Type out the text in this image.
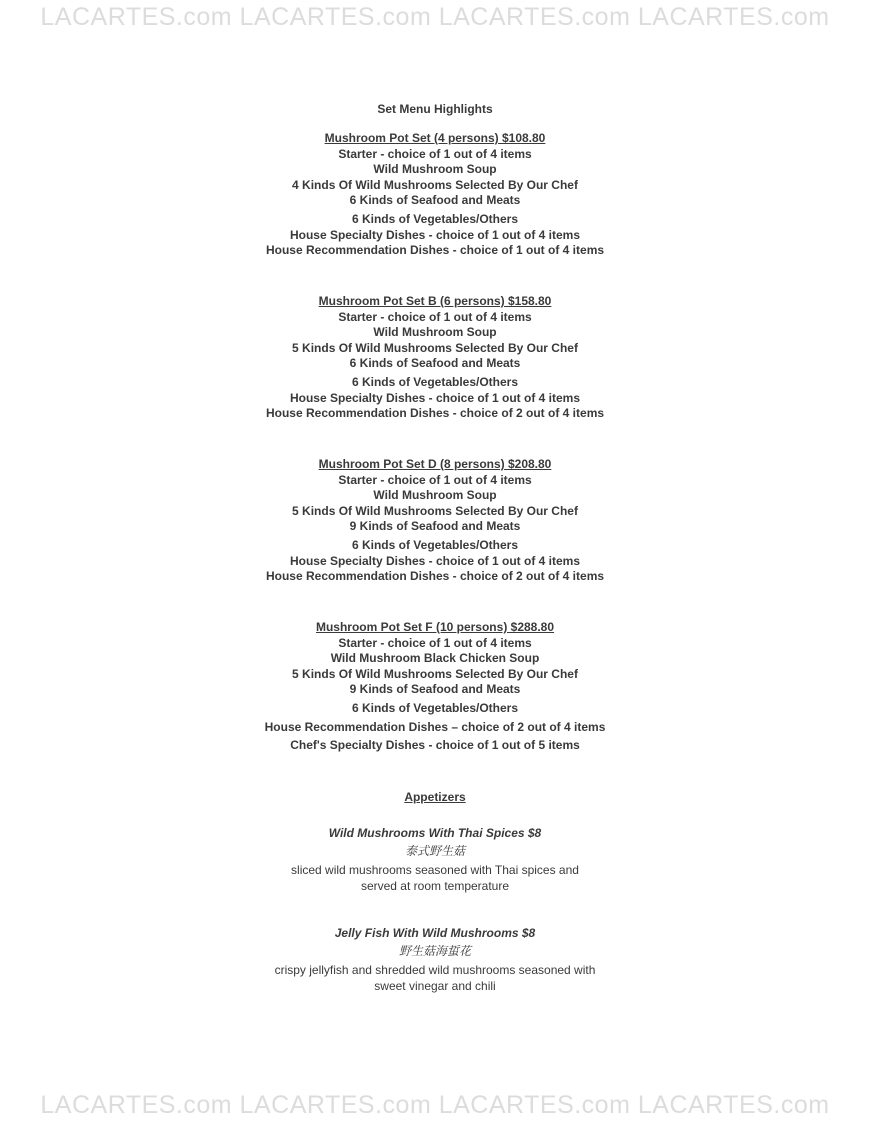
LACARTES.com LACARTES.com LACARTES.com LACARTES.com
Set Menu Highlights
Mushroom Pot Set (4 persons) $108.80
Starter - choice of 1 out of 4 items
Wild Mushroom Soup
4 Kinds Of Wild Mushrooms Selected By Our Chef
6 Kinds of Seafood and Meats
6 Kinds of Vegetables/Others
House Specialty Dishes - choice of 1 out of 4 items
House Recommendation Dishes - choice of 1 out of 4 items
Mushroom Pot Set B (6 persons) $158.80
Starter - choice of 1 out of 4 items
Wild Mushroom Soup
5 Kinds Of Wild Mushrooms Selected By Our Chef
6 Kinds of Seafood and Meats
6 Kinds of Vegetables/Others
House Specialty Dishes - choice of 1 out of 4 items
House Recommendation Dishes - choice of 2 out of 4 items
Mushroom Pot Set D (8 persons) $208.80
Starter - choice of 1 out of 4 items
Wild Mushroom Soup
5 Kinds Of Wild Mushrooms Selected By Our Chef
9 Kinds of Seafood and Meats
6 Kinds of Vegetables/Others
House Specialty Dishes - choice of 1 out of 4 items
House Recommendation Dishes - choice of 2 out of 4 items
Mushroom Pot Set F (10 persons) $288.80
Starter - choice of 1 out of 4 items
Wild Mushroom Black Chicken Soup
5 Kinds Of Wild Mushrooms Selected By Our Chef
9 Kinds of Seafood and Meats
6 Kinds of Vegetables/Others
House Recommendation Dishes – choice of 2 out of 4 items
Chef's Specialty Dishes - choice of 1 out of 5 items
Appetizers
Wild Mushrooms With Thai Spices $8
泰式野生菇
sliced wild mushrooms seasoned with Thai spices and
served at room temperature
Jelly Fish With Wild Mushrooms $8
野生菇海蜇花
crispy jellyfish and shredded wild mushrooms seasoned with
sweet vinegar and chili
LACARTES.com LACARTES.com LACARTES.com LACARTES.com
